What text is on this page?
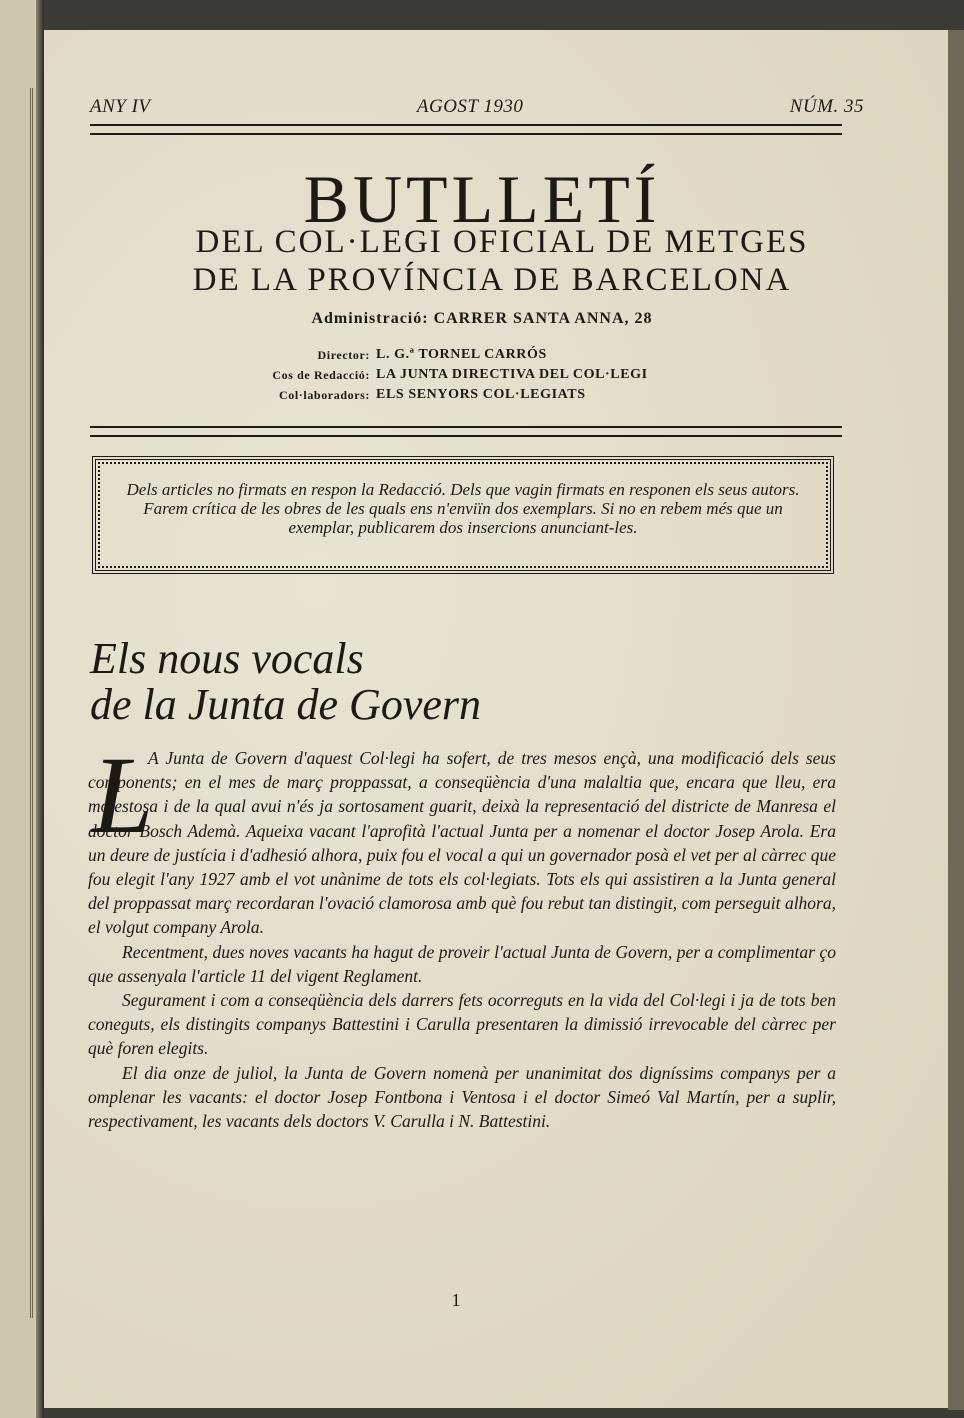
ANY IV	AGOST 1930	NÚM. 35
BUTLLETÍ
DEL COL·LEGI OFICIAL DE METGES
DE LA PROVÍNCIA DE BARCELONA
Administració: CARRER SANTA ANNA, 28
Director: L. G.ª TORNEL CARRÓS
Cos de Redacció: LA JUNTA DIRECTIVA DEL COL·LEGI
Col·laboradors: ELS SENYORS COL·LEGIATS

Dels articles no firmats en respon la Redacció. Dels que vagin firmats en responen els seus autors.

Farem crítica de les obres de les quals ens n'enviïn dos exemplars. Si no en rebem més que un exemplar, publicarem dos insercions anunciant-les.

Els nous vocals
de la Junta de Govern
L

A Junta de Govern d'aquest Col·legi ha sofert, de tres mesos ençà, una modificació dels seus components; en el mes de març proppassat, a conseqüència d'una malaltia que, encara que lleu, era molestosa i de la qual avui n'és ja sortosament guarit, deixà la representació del districte de Manresa el doctor Bosch Ademà. Aqueixa vacant l'aprofità l'actual Junta per a nomenar el doctor Josep Arola. Era un deure de justícia i d'adhesió alhora, puix fou el vocal a qui un governador posà el vet per al càrrec que fou elegit l'any 1927 amb el vot unànime de tots els col·legiats. Tots els qui assistiren a la Junta general del proppassat març recordaran l'ovació clamorosa amb què fou rebut tan distingit, com perseguit alhora, el volgut company Arola.

Recentment, dues noves vacants ha hagut de proveir l'actual Junta de Govern, per a complimentar ço que assenyala l'article 11 del vigent Reglament.

Segurament i com a conseqüència dels darrers fets ocorreguts en la vida del Col·legi i ja de tots ben coneguts, els distingits companys Battestini i Carulla presentaren la dimissió irrevocable del càrrec per què foren elegits.

El dia onze de juliol, la Junta de Govern nomenà per unanimitat dos digníssims companys per a omplenar les vacants: el doctor Josep Fontbona i Ventosa i el doctor Simeó Val Martín, per a suplir, respectivament, les vacants dels doctors V. Carulla i N. Battestini.

1
